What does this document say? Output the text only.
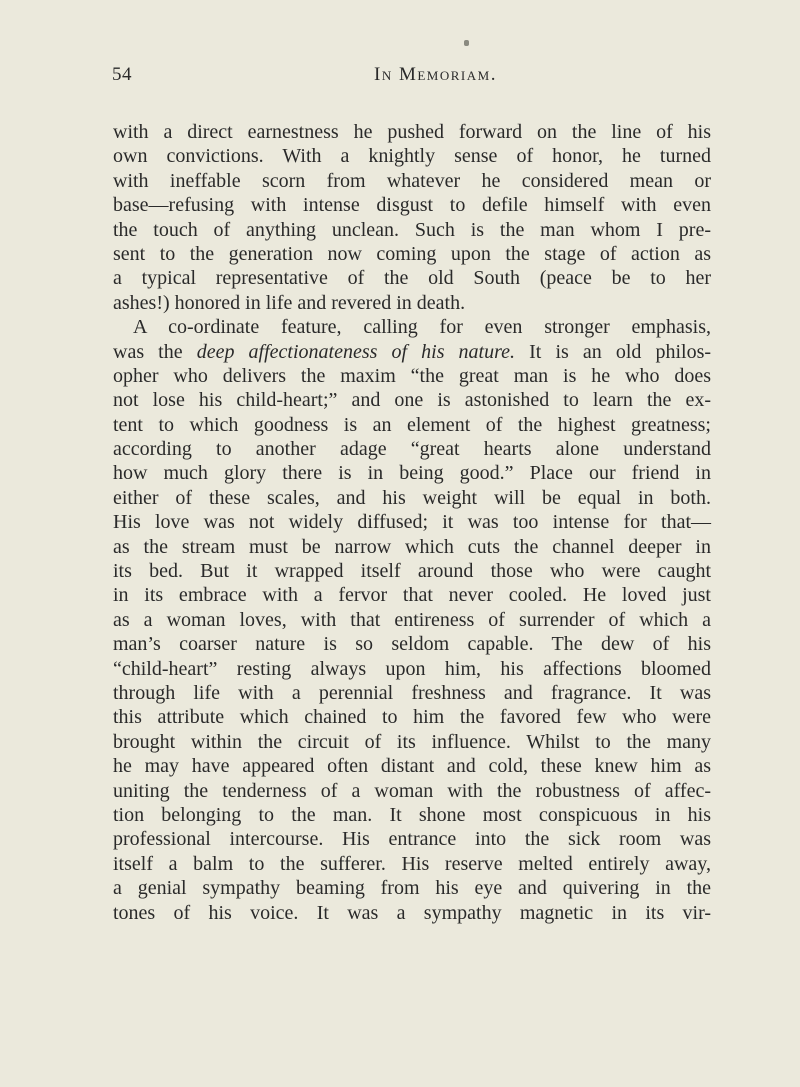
54	In Memoriam.
with a direct earnestness he pushed forward on the line of his
own convictions. With a knightly sense of honor, he turned
with ineffable scorn from whatever he considered mean or
base—refusing with intense disgust to defile himself with even
the touch of anything unclean. Such is the man whom I pre-
sent to the generation now coming upon the stage of action as
a typical representative of the old South (peace be to her
ashes!) honored in life and revered in death.
A co-ordinate feature, calling for even stronger emphasis,
was the deep affectionateness of his nature. It is an old philos-
opher who delivers the maxim “the great man is he who does
not lose his child-heart;” and one is astonished to learn the ex-
tent to which goodness is an element of the highest greatness;
according to another adage “great hearts alone understand
how much glory there is in being good.” Place our friend in
either of these scales, and his weight will be equal in both.
His love was not widely diffused; it was too intense for that—
as the stream must be narrow which cuts the channel deeper in
its bed. But it wrapped itself around those who were caught
in its embrace with a fervor that never cooled. He loved just
as a woman loves, with that entireness of surrender of which a
man’s coarser nature is so seldom capable. The dew of his
“child-heart” resting always upon him, his affections bloomed
through life with a perennial freshness and fragrance. It was
this attribute which chained to him the favored few who were
brought within the circuit of its influence. Whilst to the many
he may have appeared often distant and cold, these knew him as
uniting the tenderness of a woman with the robustness of affec-
tion belonging to the man. It shone most conspicuous in his
professional intercourse. His entrance into the sick room was
itself a balm to the sufferer. His reserve melted entirely away,
a genial sympathy beaming from his eye and quivering in the
tones of his voice. It was a sympathy magnetic in its vir-
